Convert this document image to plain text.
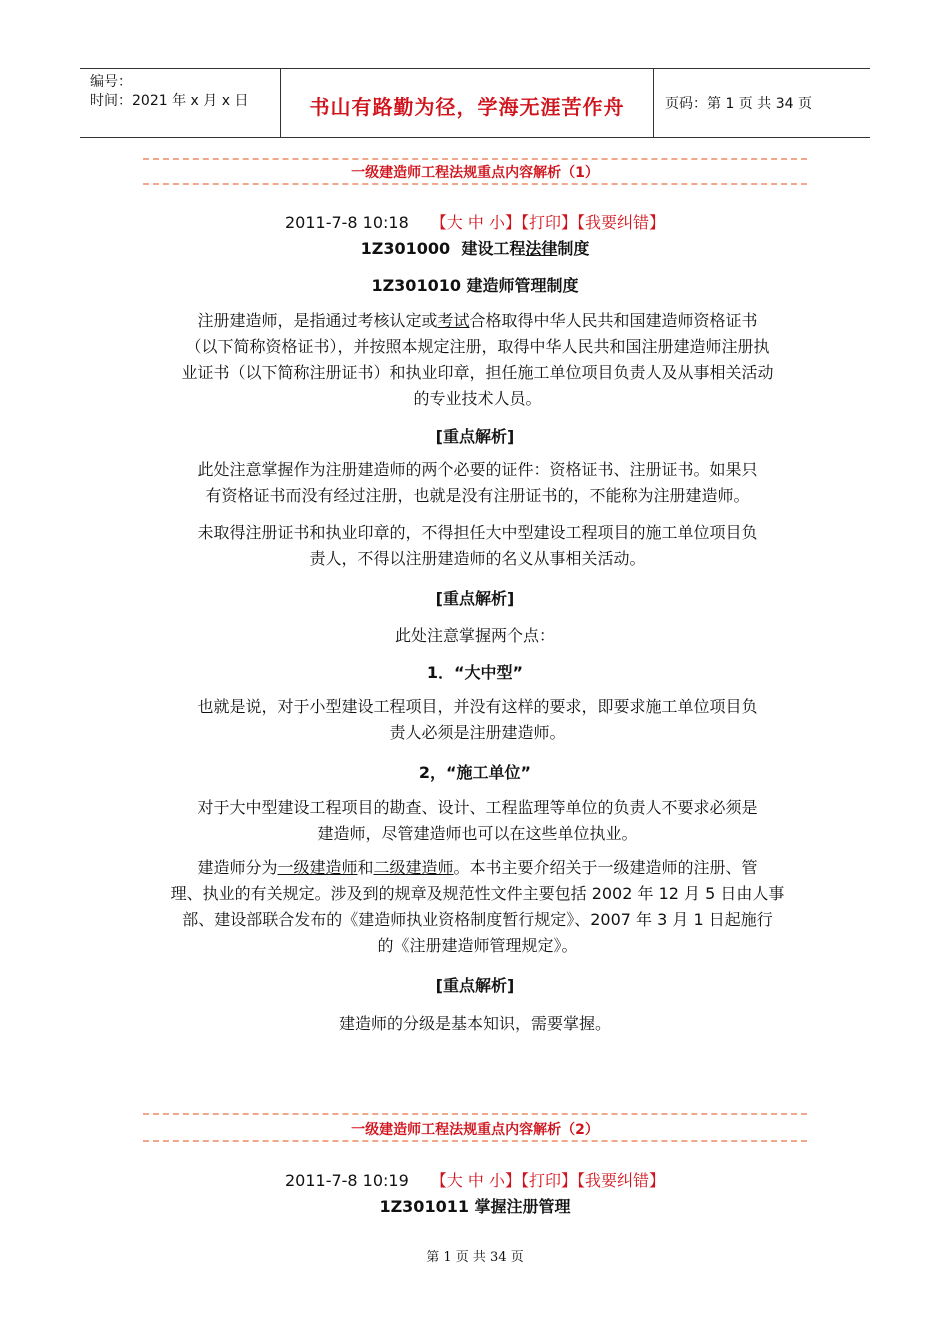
编号：
时间：2021 年 x 月 x 日	书山有路勤为径，学海无涯苦作舟	页码：第 1 页 共 34 页
一级建造师工程法规重点内容解析（1）
2011-7-8 10:18 【大 中 小】【打印】【我要纠错】
1Z301000 建设工程法律制度
1Z301010 建造师管理制度
注册建造师，是指通过考核认定或考试合格取得中华人民共和国建造师资格证书
（以下简称资格证书），并按照本规定注册，取得中华人民共和国注册建造师注册执
业证书（以下简称注册证书）和执业印章，担任施工单位项目负责人及从事相关活动
的专业技术人员。
[重点解析]
此处注意掌握作为注册建造师的两个必要的证件：资格证书、注册证书。如果只
有资格证书而没有经过注册，也就是没有注册证书的，不能称为注册建造师。
未取得注册证书和执业印章的，不得担任大中型建设工程项目的施工单位项目负
责人，不得以注册建造师的名义从事相关活动。
[重点解析]
此处注意掌握两个点：
1．“大中型”
也就是说，对于小型建设工程项目，并没有这样的要求，即要求施工单位项目负
责人必须是注册建造师。
2，“施工单位”
对于大中型建设工程项目的勘查、设计、工程监理等单位的负责人不要求必须是
建造师，尽管建造师也可以在这些单位执业。
建造师分为一级建造师和二级建造师。本书主要介绍关于一级建造师的注册、管
理、执业的有关规定。涉及到的规章及规范性文件主要包括 2002 年 12 月 5 日由人事
部、建设部联合发布的《建造师执业资格制度暂行规定》、2007 年 3 月 1 日起施行
的《注册建造师管理规定》。
[重点解析]
建造师的分级是基本知识，需要掌握。
一级建造师工程法规重点内容解析（2）
2011-7-8 10:19 【大 中 小】【打印】【我要纠错】
1Z301011 掌握注册管理
第 1 页 共 34 页
